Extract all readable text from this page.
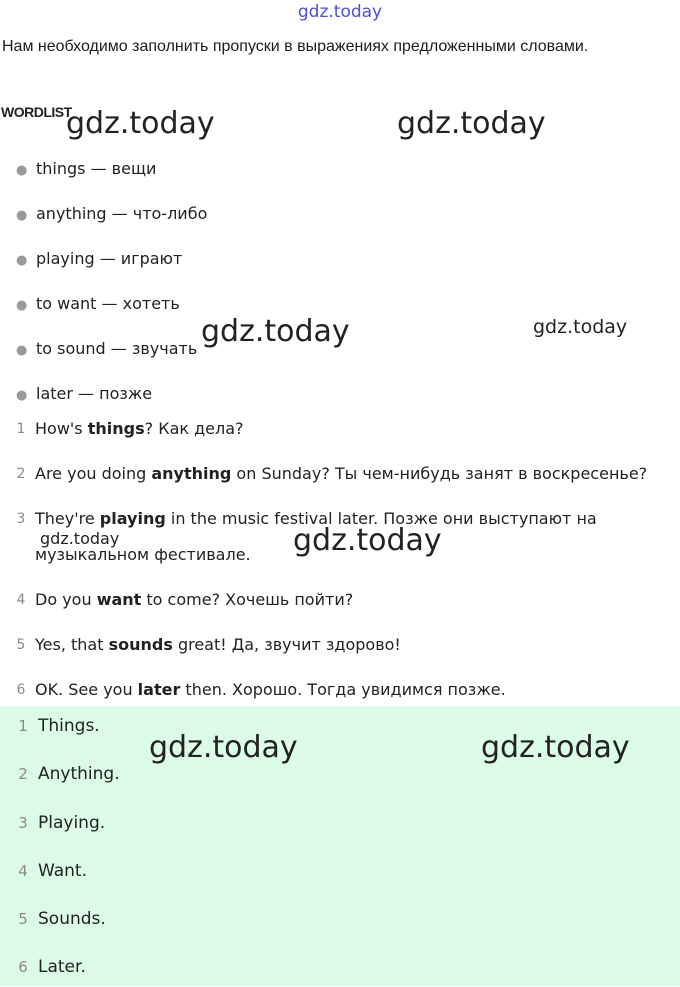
gdz.today
Нам необходимо заполнить пропуски в выражениях предложенными словами.
WORDLIST
● things — вещи
● anything — что-либо
● playing — играют
● to want — хотеть
● to sound — звучать
● later — позже
1 How's things? Как дела?
2 Are you doing anything on Sunday? Ты чем-нибудь занят в воскресенье?
3 They're playing in the music festival later. Позже они выступают на музыкальном фестивале.
4 Do you want to come? Хочешь пойти?
5 Yes, that sounds great! Да, звучит здорово!
6 OK. See you later then. Хорошо. Тогда увидимся позже.
1 Things.
2 Anything.
3 Playing.
4 Want.
5 Sounds.
6 Later.
gdz.today	gdz.today
gdz.today	gdz.today
gdz.today	gdz.today
gdz.today	gdz.today
